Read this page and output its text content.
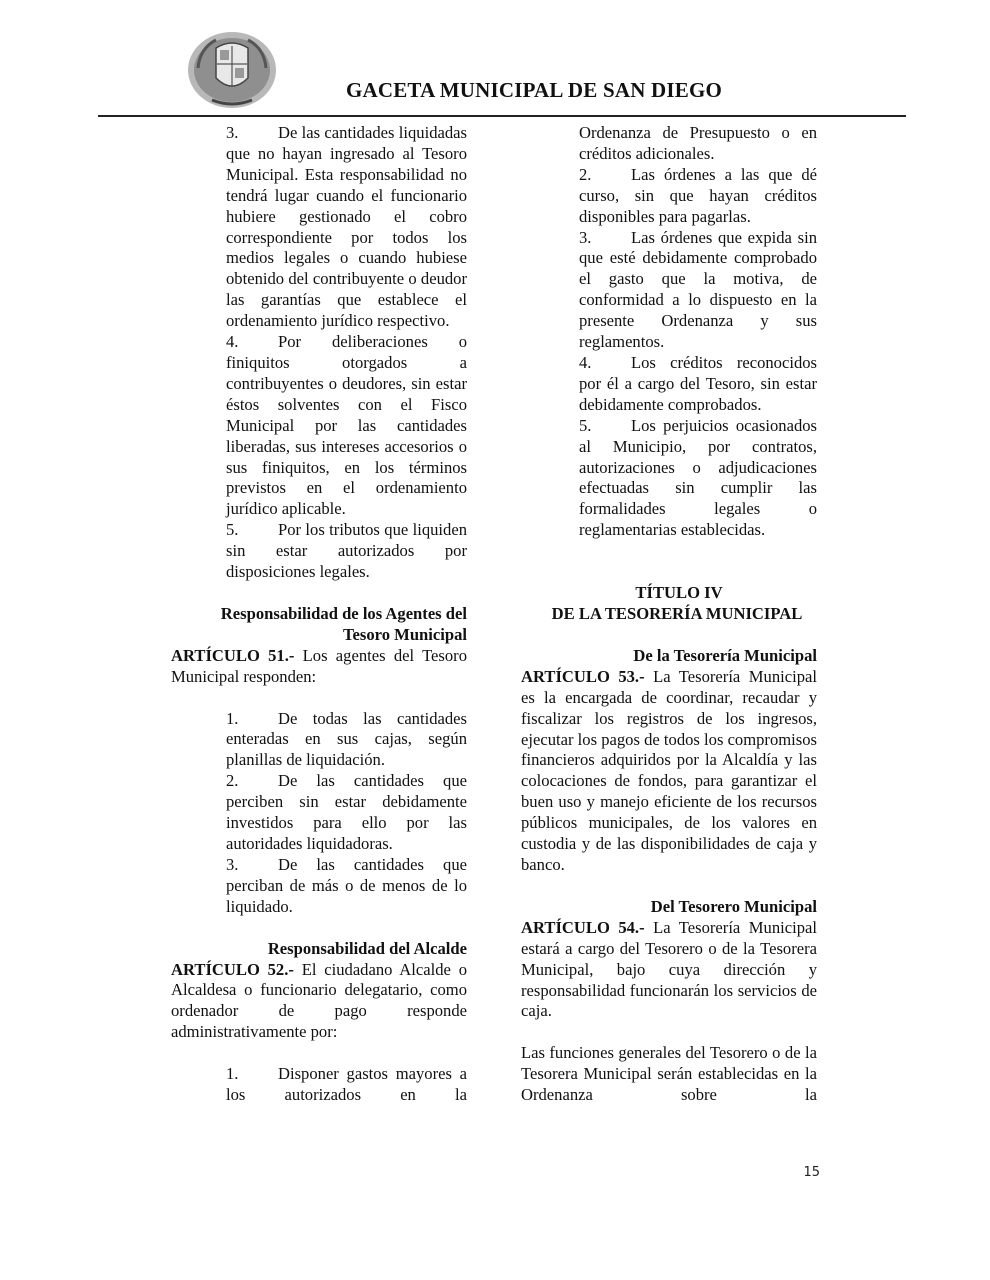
GACETA MUNICIPAL DE SAN DIEGO
3. De las cantidades liquidadas que no hayan ingresado al Tesoro Municipal. Esta responsabilidad no tendrá lugar cuando el funcionario hubiere gestionado el cobro correspondiente por todos los medios legales o cuando hubiese obtenido del contribuyente o deudor las garantías que establece el ordenamiento jurídico respectivo.
4. Por deliberaciones o finiquitos otorgados a contribuyentes o deudores, sin estar éstos solventes con el Fisco Municipal por las cantidades liberadas, sus intereses accesorios o sus finiquitos, en los términos previstos en el ordenamiento jurídico aplicable.
5. Por los tributos que liquiden sin estar autorizados por disposiciones legales.
Responsabilidad de los Agentes del Tesoro Municipal
ARTÍCULO 51.- Los agentes del Tesoro Municipal responden:
1. De todas las cantidades enteradas en sus cajas, según planillas de liquidación.
2. De las cantidades que perciben sin estar debidamente investidos para ello por las autoridades liquidadoras.
3. De las cantidades que perciban de más o de menos de lo liquidado.
Responsabilidad del Alcalde
ARTÍCULO 52.- El ciudadano Alcalde o Alcaldesa o funcionario delegatario, como ordenador de pago responde administrativamente por:
1. Disponer gastos mayores a los autorizados en la
Ordenanza de Presupuesto o en créditos adicionales.
2. Las órdenes a las que dé curso, sin que hayan créditos disponibles para pagarlas.
3. Las órdenes que expida sin que esté debidamente comprobado el gasto que la motiva, de conformidad a lo dispuesto en la presente Ordenanza y sus reglamentos.
4. Los créditos reconocidos por él a cargo del Tesoro, sin estar debidamente comprobados.
5. Los perjuicios ocasionados al Municipio, por contratos, autorizaciones o adjudicaciones efectuadas sin cumplir las formalidades legales o reglamentarias establecidas.
TÍTULO IV
DE LA TESORERÍA MUNICIPAL
De la Tesorería Municipal
ARTÍCULO 53.- La Tesorería Municipal es la encargada de coordinar, recaudar y fiscalizar los registros de los ingresos, ejecutar los pagos de todos los compromisos financieros adquiridos por la Alcaldía y las colocaciones de fondos, para garantizar el buen uso y manejo eficiente de los recursos públicos municipales, de los valores en custodia y de las disponibilidades de caja y banco.
Del Tesorero Municipal
ARTÍCULO 54.- La Tesorería Municipal estará a cargo del Tesorero o de la Tesorera Municipal, bajo cuya dirección y responsabilidad funcionarán los servicios de caja.
Las funciones generales del Tesorero o de la Tesorera Municipal serán establecidas en la Ordenanza sobre la
15
